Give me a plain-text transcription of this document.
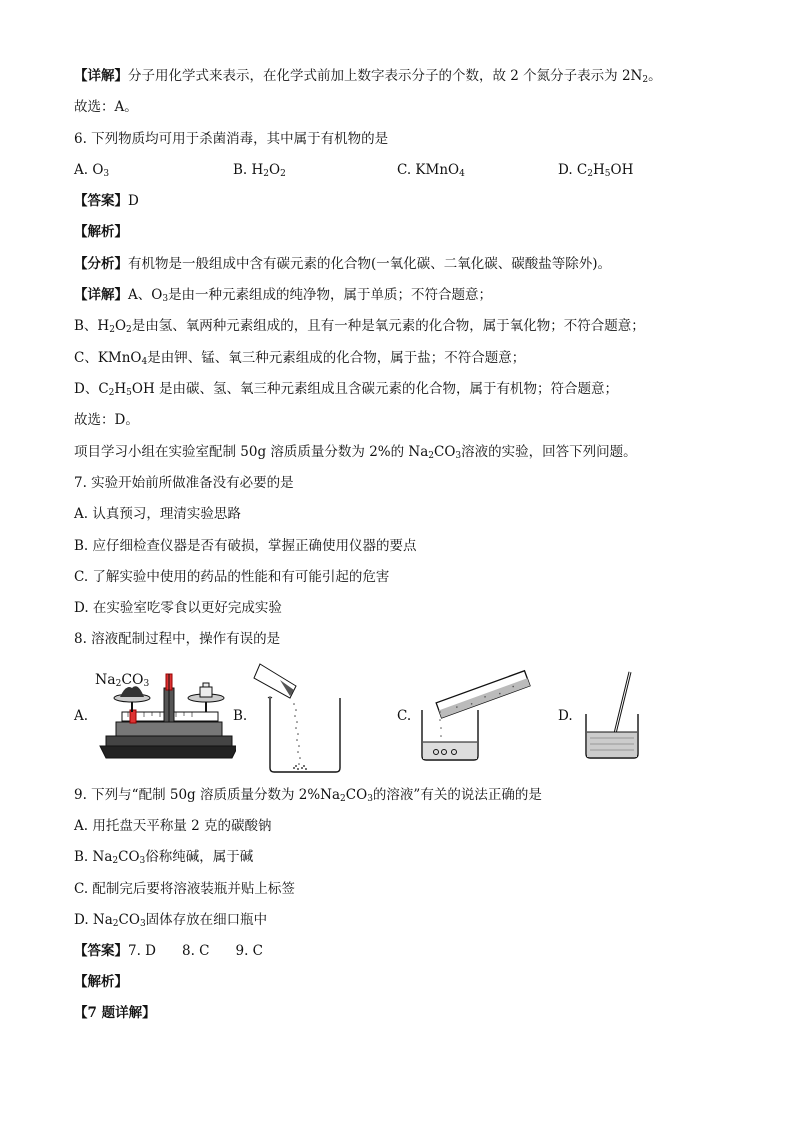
【详解】分子用化学式来表示，在化学式前加上数字表示分子的个数，故 2 个氮分子表示为 $2N_2$。
故选：A。
6. 下列物质均可用于杀菌消毒，其中属于有机物的是
A. $O_3$	B. $H_2O_2$	C. KMnO$_4$	D. $C_2H_5OH$
【答案】D
【解析】
【分析】有机物是一般组成中含有碳元素的化合物(一氧化碳、二氧化碳、碳酸盐等除外)。
【详解】A、$O_3$是由一种元素组成的纯净物，属于单质；不符合题意；
B、$H_2O_2$是由氢、氧两种元素组成的，且有一种是氧元素的化合物，属于氧化物；不符合题意；
C、KMnO$_4$是由钾、锰、氧三种元素组成的化合物，属于盐；不符合题意；
D、$C_2H_5OH$ 是由碳、氢、氧三种元素组成且含碳元素的化合物，属于有机物；符合题意；
故选：D。
项目学习小组在实验室配制 50g 溶质质量分数为 2%的 $Na_2CO_3$溶液的实验，回答下列问题。
7. 实验开始前所做准备没有必要的是
A. 认真预习，理清实验思路
B. 应仔细检查仪器是否有破损，掌握正确使用仪器的要点
C. 了解实验中使用的药品的性能和有可能引起的危害
D. 在实验室吃零食以更好完成实验
8. 溶液配制过程中，操作有误的是
A.
$Na_2CO_3$
B.	C.	D.
9. 下列与“配制 50g 溶质质量分数为 $2\%Na_2CO_3$的溶液”有关的说法正确的是
A. 用托盘天平称量 2 克的碳酸钠
B. $Na_2CO_3$俗称纯碱，属于碱
C. 配制完后要将溶液装瓶并贴上标签
D. $Na_2CO_3$固体存放在细口瓶中
【答案】7. D 8. C 9. C
【解析】
【7 题详解】
